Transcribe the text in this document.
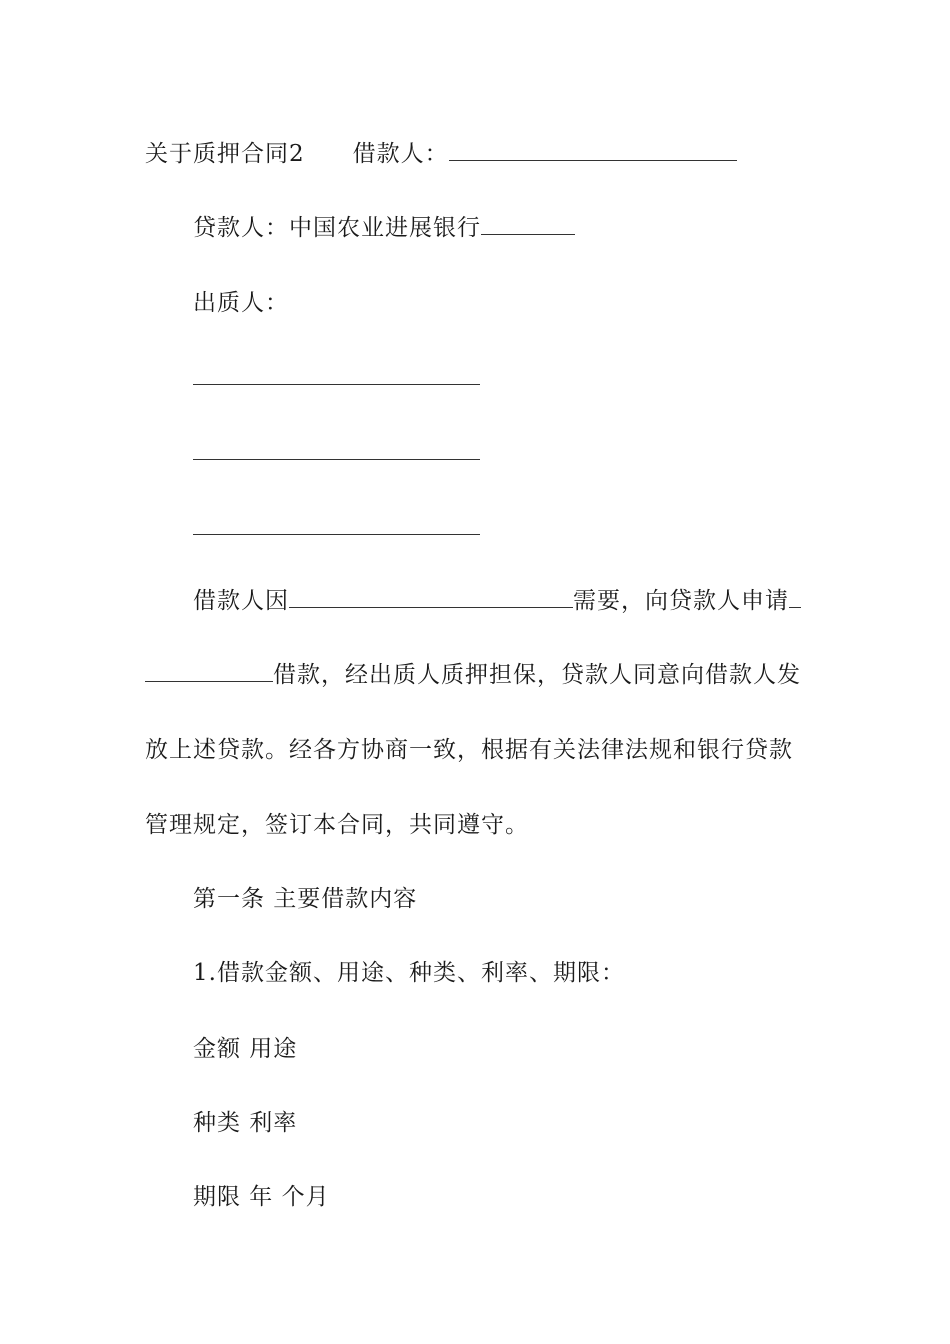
关于质押合同2 借款人：
贷款人：中国农业进展银行
出质人：
借款人因	需要，向贷款人申请
借款，经出质人质押担保，贷款人同意向借款人发
放上述贷款。经各方协商一致，根据有关法律法规和银行贷款
管理规定，签订本合同，共同遵守。
第一条 主要借款内容
1.借款金额、用途、种类、利率、期限：
金额 用途
种类 利率
期限 年 个月
